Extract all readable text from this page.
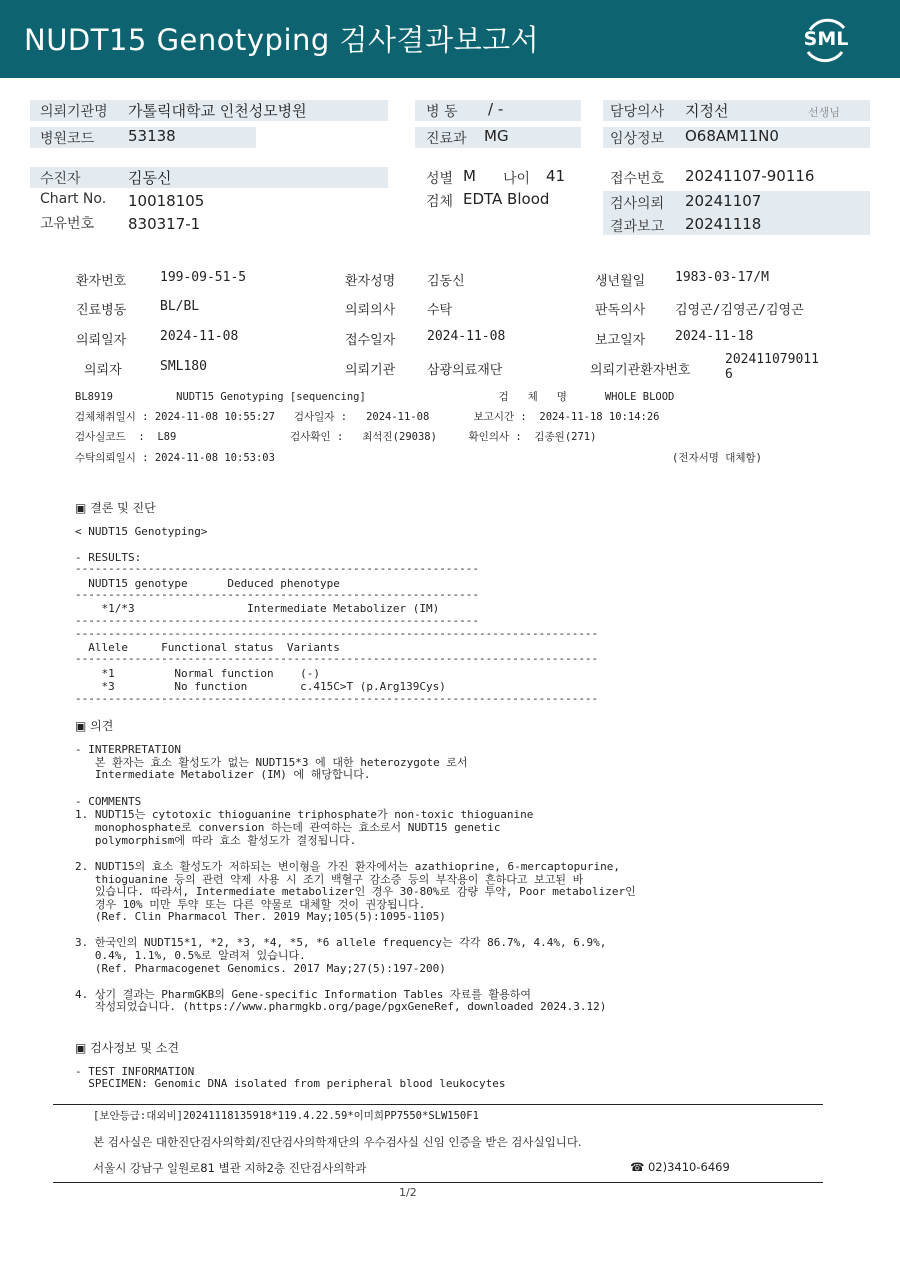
NUDT15 Genotyping 검사결과보고서	SML
의뢰기관명 가톨릭대학교 인천성모병원	병 동 / -	담당의사 지정선	선생님
병원코드 53138	진료과 MG	임상정보 O68AM11N0
수진자	김동신	성별 M 나이 41	접수번호 20241107-90116
Chart No. 10018105	검체 EDTA Blood	검사의뢰 20241107
고유번호 830317-1	결과보고 20241118
환자번호	199-09-51-5	환자성명 김동신	생년월일 1983-03-17/M
진료병동	BL/BL	의뢰의사 수탁	판독의사 김영곤/김영곤/김영곤
의뢰일자	2024-11-08	접수일자 2024-11-08	보고일자 2024-11-18
의뢰자	SML180	의뢰기관 삼광의료재단	의뢰기관환자번호
202411079011
6
BL8919          NUDT15 Genotyping [sequencing]                     검   체   명      WHOLE BLOOD
검체채취일시 : 2024-11-08 10:55:27   검사일자 :   2024-11-08       보고시간 :  2024-11-18 10:14:26
검사실코드  :  L89                  검사확인 :   최석진(29038)     확인의사 :  김종원(271)
수탁의뢰일시 : 2024-11-08 10:53:03	(전자서명 대체함)
▣ 결론 및 진단
< NUDT15 Genotyping>
- RESULTS:
-------------------------------------------------------------
NUDT15 genotype      Deduced phenotype
-------------------------------------------------------------
*1/*3                 Intermediate Metabolizer (IM)
-------------------------------------------------------------
-------------------------------------------------------------------------------
Allele     Functional status  Variants
-------------------------------------------------------------------------------
*1         Normal function    (-)
*3         No function        c.415C>T (p.Arg139Cys)
-------------------------------------------------------------------------------
▣ 의견
- INTERPRETATION
본 환자는 효소 활성도가 없는 NUDT15*3 에 대한 heterozygote 로서
Intermediate Metabolizer (IM) 에 해당합니다.
- COMMENTS
1. NUDT15는 cytotoxic thioguanine triphosphate가 non-toxic thioguanine
monophosphate로 conversion 하는데 관여하는 효소로서 NUDT15 genetic
polymorphism에 따라 효소 활성도가 결정됩니다.
2. NUDT15의 효소 활성도가 저하되는 변이형을 가진 환자에서는 azathioprine, 6-mercaptopurine,
thioguanine 등의 관련 약제 사용 시 조기 백혈구 감소증 등의 부작용이 흔하다고 보고된 바
있습니다. 따라서, Intermediate metabolizer인 경우 30-80%로 감량 투약, Poor metabolizer인
경우 10% 미만 투약 또는 다른 약물로 대체할 것이 권장됩니다.
(Ref. Clin Pharmacol Ther. 2019 May;105(5):1095-1105)
3. 한국인의 NUDT15*1, *2, *3, *4, *5, *6 allele frequency는 각각 86.7%, 4.4%, 6.9%,
0.4%, 1.1%, 0.5%로 알려져 있습니다.
(Ref. Pharmacogenet Genomics. 2017 May;27(5):197-200)
4. 상기 결과는 PharmGKB의 Gene-specific Information Tables 자료를 활용하여
작성되었습니다. (https://www.pharmgkb.org/page/pgxGeneRef, downloaded 2024.3.12)
▣ 검사정보 및 소견
- TEST INFORMATION
SPECIMEN: Genomic DNA isolated from peripheral blood leukocytes
[보안등급:대외비]20241118135918*119.4.22.59*이미희PP7550*SLW150F1
본 검사실은 대한진단검사의학회/진단검사의학재단의 우수검사실 신임 인증을 받은 검사실입니다.
서울시 강남구 일원로81 별관 지하2층 진단검사의학과	☎ 02)3410-6469
1/2
